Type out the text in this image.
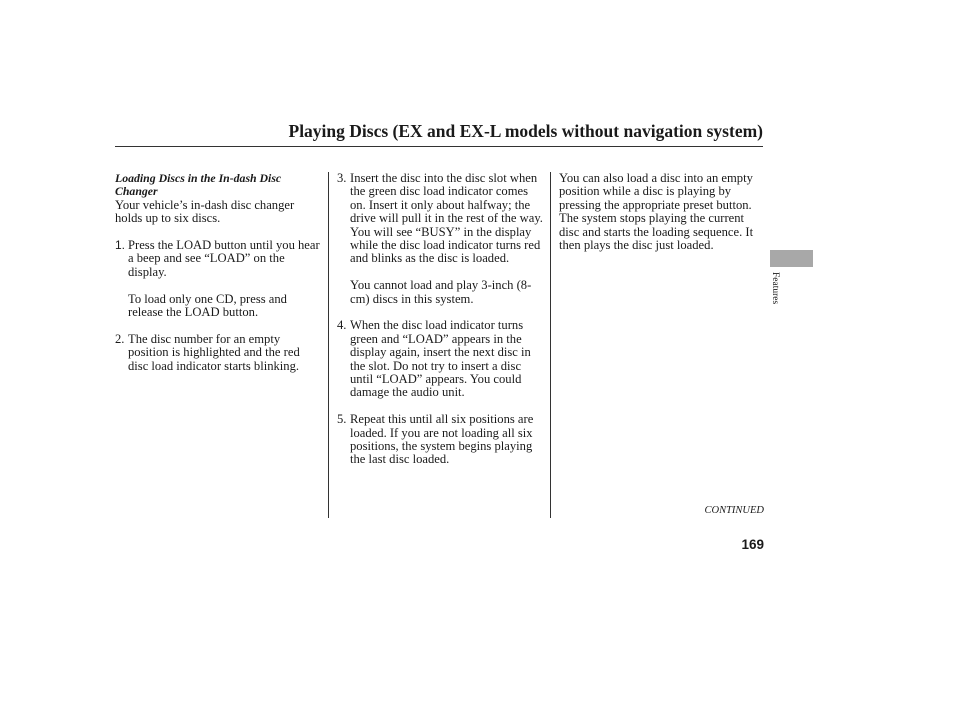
Playing Discs (EX and EX-L models without navigation system)

Loading Discs in the In-dash Disc Changer

Your vehicle’s in-dash disc changer holds up to six discs.

1. Press the LOAD button until you hear a beep and see “LOAD” on the display.

To load only one CD, press and release the LOAD button.

2. The disc number for an empty position is highlighted and the red disc load indicator starts blinking.
3. Insert the disc into the disc slot when the green disc load indicator comes on. Insert it only about halfway; the drive will pull it in the rest of the way. You will see “BUSY” in the display while the disc load indicator turns red and blinks as the disc is loaded.

You cannot load and play 3-inch (8-cm) discs in this system.

4. When the disc load indicator turns green and “LOAD” appears in the display again, insert the next disc in the slot. Do not try to insert a disc until “LOAD” appears. You could damage the audio unit.
5. Repeat this until all six positions are loaded. If you are not loading all six positions, the system begins playing the last disc loaded.

You can also load a disc into an empty position while a disc is playing by pressing the appropriate preset button. The system stops playing the current disc and starts the loading sequence. It then plays the disc just loaded.

CONTINUED
169
Features
